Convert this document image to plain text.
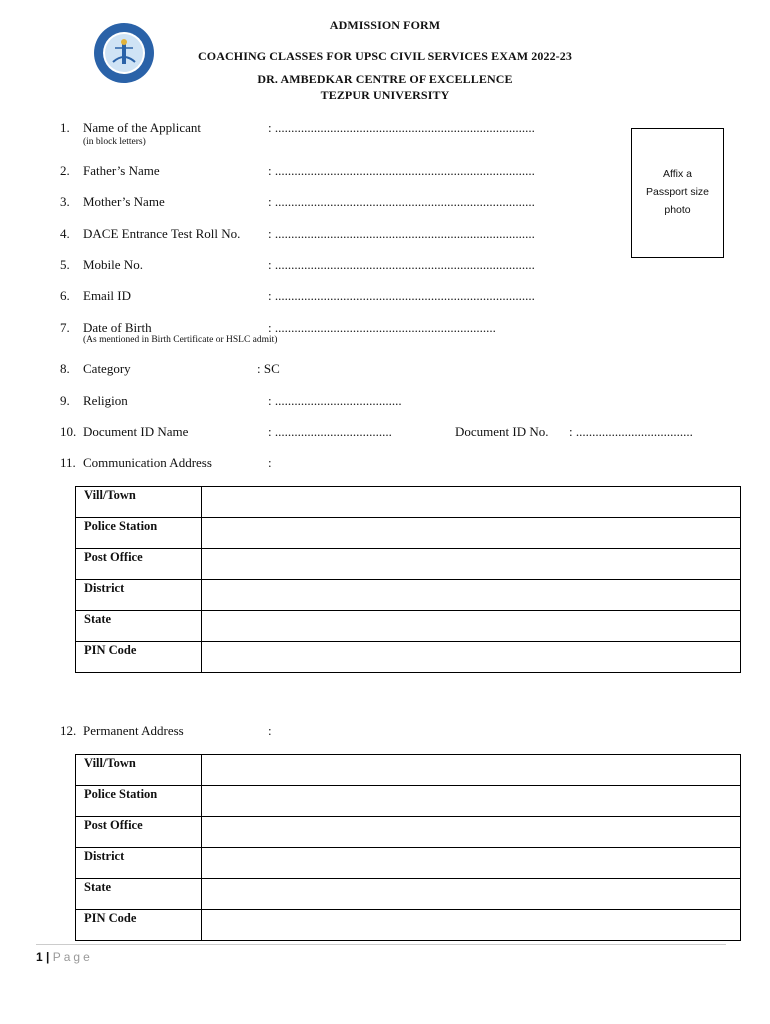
ADMISSION FORM
COACHING CLASSES FOR UPSC CIVIL SERVICES EXAM 2022-23
DR. AMBEDKAR CENTRE OF EXCELLENCE
TEZPUR UNIVERSITY
Affix a
Passport size
photo
1. Name of the Applicant	: ................................................................................
(in block letters)
2. Father’s Name	: ................................................................................
3. Mother’s Name	: ................................................................................
4. DACE Entrance Test Roll No. : ................................................................................
5. Mobile No.	: ................................................................................
6. Email ID	: ................................................................................
7. Date of Birth	: ....................................................................
(As mentioned in Birth Certificate or HSLC admit)
8. Category	: SC
9. Religion	: .......................................
10. Document ID Name	: ....................................	Document ID No. : ....................................
11. Communication Address	:
Vill/Town	
Police Station	
Post Office	
District	
State	
PIN Code	
12. Permanent Address	:
Vill/Town	
Police Station	
Post Office	
District	
State	
PIN Code	
1 | Page
